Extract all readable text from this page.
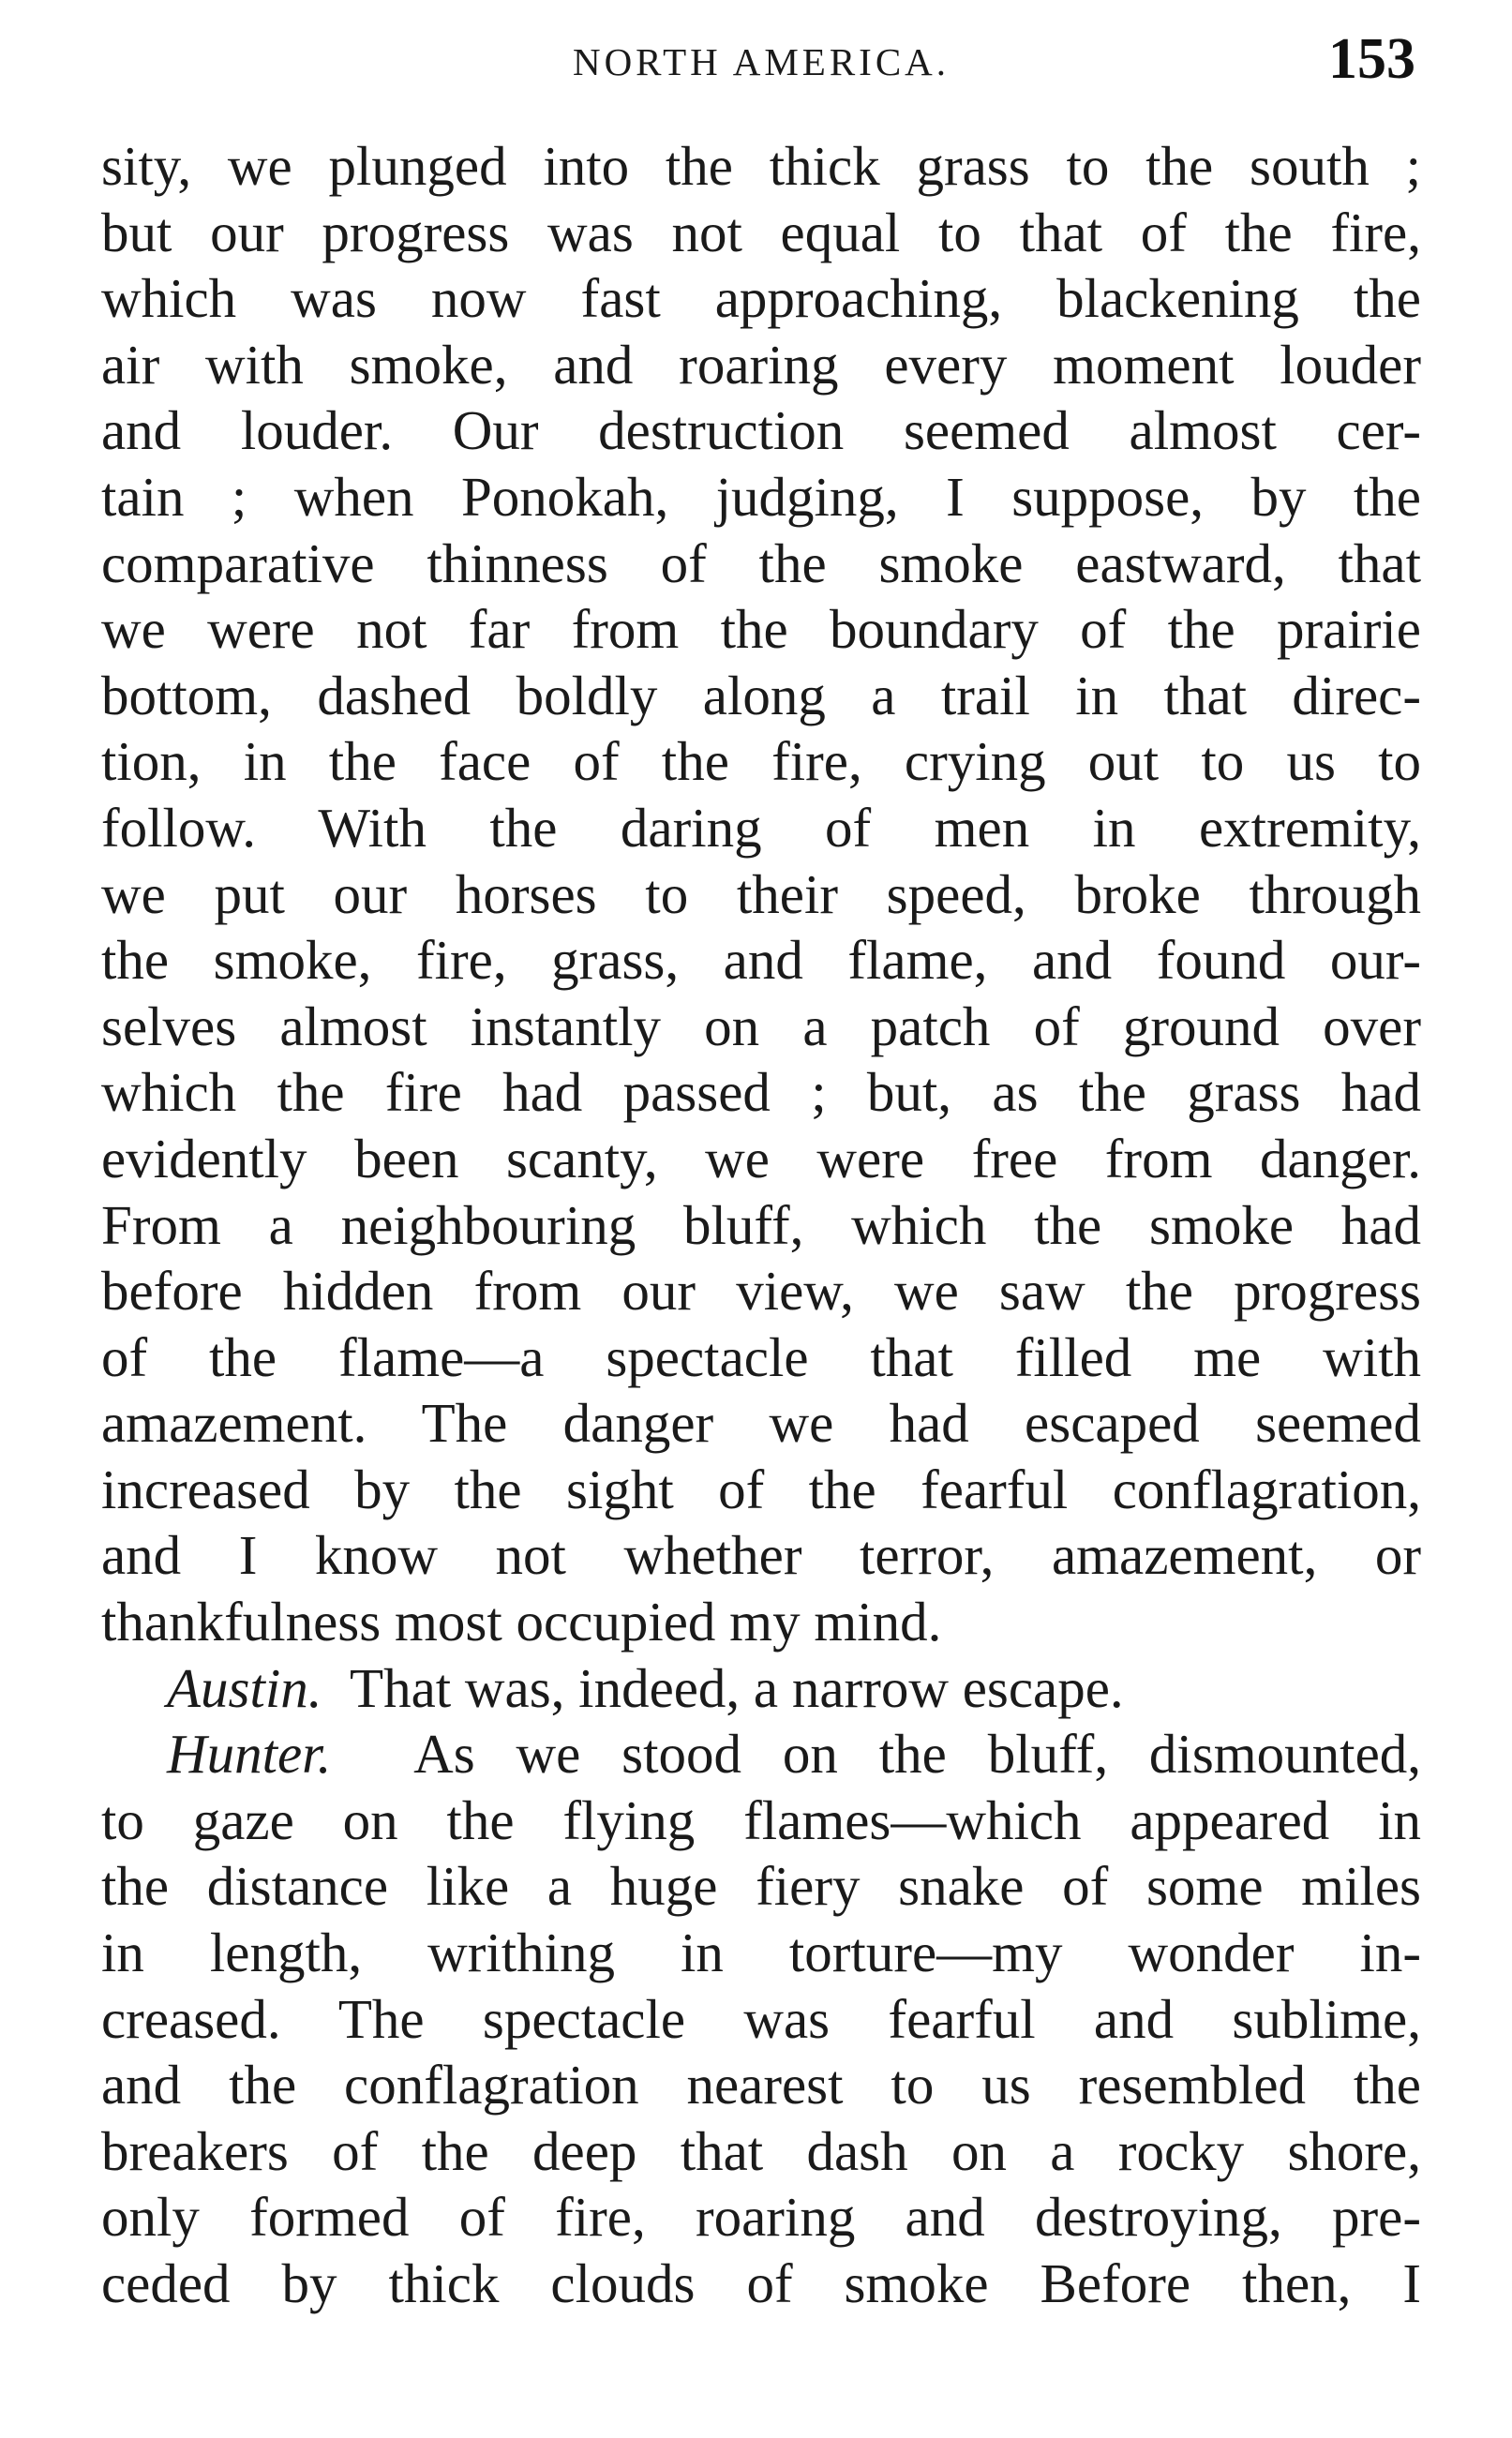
NORTH AMERICA.	153
sity, we plunged into the thick grass to the south ;
but our progress was not equal to that of the fire,
which was now fast approaching, blackening the
air with smoke, and roaring every moment louder
and louder. Our destruction seemed almost cer-
tain ; when Ponokah, judging, I suppose, by the
comparative thinness of the smoke eastward, that
we were not far from the boundary of the prairie
bottom, dashed boldly along a trail in that direc-
tion, in the face of the fire, crying out to us to
follow. With the daring of men in extremity,
we put our horses to their speed, broke through
the smoke, fire, grass, and flame, and found our-
selves almost instantly on a patch of ground over
which the fire had passed ; but, as the grass had
evidently been scanty, we were free from danger.
From a neighbouring bluff, which the smoke had
before hidden from our view, we saw the progress
of the flame—a spectacle that filled me with
amazement. The danger we had escaped seemed
increased by the sight of the fearful conflagration,
and I know not whether terror, amazement, or
thankfulness most occupied my mind.
Austin. That was, indeed, a narrow escape.
Hunter. As we stood on the bluff, dismounted,
to gaze on the flying flames—which appeared in
the distance like a huge fiery snake of some miles
in length, writhing in torture—my wonder in-
creased. The spectacle was fearful and sublime,
and the conflagration nearest to us resembled the
breakers of the deep that dash on a rocky shore,
only formed of fire, roaring and destroying, pre-
ceded by thick clouds of smoke Before then, I
